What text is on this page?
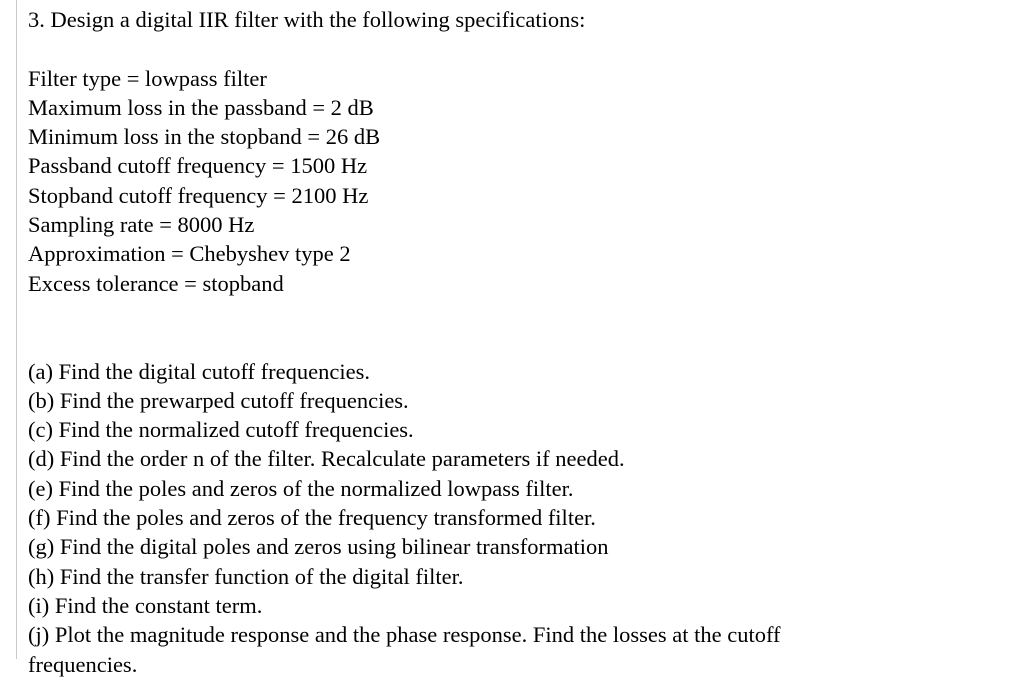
3. Design a digital IIR filter with the following specifications:
Filter type = lowpass filter
Maximum loss in the passband = 2 dB
Minimum loss in the stopband = 26 dB
Passband cutoff frequency = 1500 Hz
Stopband cutoff frequency = 2100 Hz
Sampling rate = 8000 Hz
Approximation = Chebyshev type 2
Excess tolerance = stopband
(a) Find the digital cutoff frequencies.
(b) Find the prewarped cutoff frequencies.
(c) Find the normalized cutoff frequencies.
(d) Find the order n of the filter. Recalculate parameters if needed.
(e) Find the poles and zeros of the normalized lowpass filter.
(f) Find the poles and zeros of the frequency transformed filter.
(g) Find the digital poles and zeros using bilinear transformation
(h) Find the transfer function of the digital filter.
(i) Find the constant term.
(j) Plot the magnitude response and the phase response. Find the losses at the cutoff
frequencies.
